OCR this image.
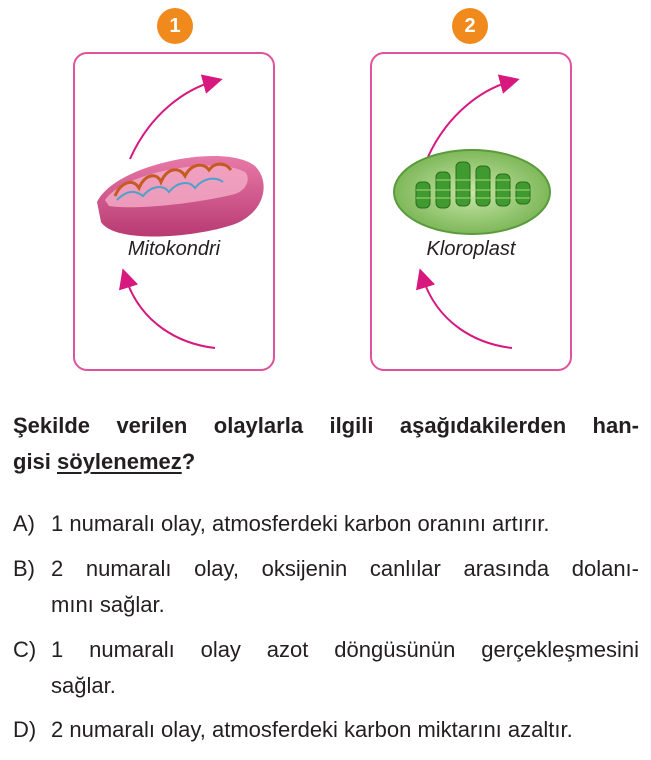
1	2
Mitokondri	Kloroplast
Şekilde verilen olaylarla ilgili aşağıdakilerden han-
gisi söylenemez?
A) 1 numaralı olay, atmosferdeki karbon oranını artırır.
B) 2 numaralı olay, oksijenin canlılar arasında dolanı-
mını sağlar.
C) 1 numaralı olay azot döngüsünün gerçekleşmesini
sağlar.
D) 2 numaralı olay, atmosferdeki karbon miktarını azaltır.
